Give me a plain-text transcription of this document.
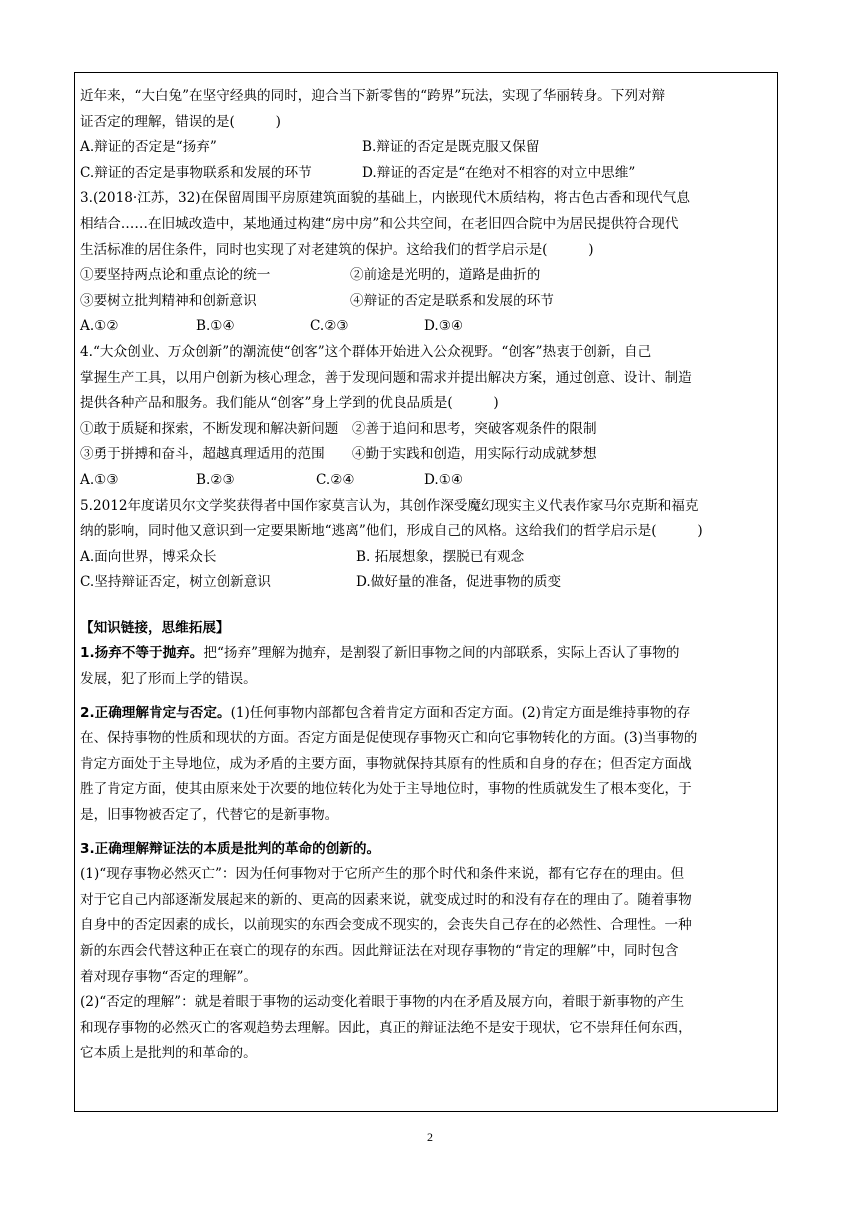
近年来，“大白兔”在坚守经典的同时，迎合当下新零售的“跨界”玩法，实现了华丽转身。下列对辩
证否定的理解，错误的是(　　　)
A.辩证的否定是“扬弃”	B.辩证的否定是既克服又保留
C.辩证的否定是事物联系和发展的环节	D.辩证的否定是“在绝对不相容的对立中思维”
3.(2018·江苏，32)在保留周围平房原建筑面貌的基础上，内嵌现代木质结构，将古色古香和现代气息
相结合……在旧城改造中，某地通过构建“房中房”和公共空间，在老旧四合院中为居民提供符合现代
生活标准的居住条件，同时也实现了对老建筑的保护。这给我们的哲学启示是(　　　)
①要坚持两点论和重点论的统一	②前途是光明的，道路是曲折的
③要树立批判精神和创新意识	④辩证的否定是联系和发展的环节
A.①②	B.①④	C.②③	D.③④
4.“大众创业、万众创新”的潮流使“创客”这个群体开始进入公众视野。“创客”热衷于创新，自己
掌握生产工具，以用户创新为核心理念，善于发现问题和需求并提出解决方案，通过创意、设计、制造
提供各种产品和服务。我们能从“创客”身上学到的优良品质是(　　　)
①敢于质疑和探索，不断发现和解决新问题　②善于追问和思考，突破客观条件的限制
③勇于拼搏和奋斗，超越真理适用的范围　　④勤于实践和创造，用实际行动成就梦想
A.①③	B.②③	C.②④	D.①④
5.2012年度诺贝尔文学奖获得者中国作家莫言认为，其创作深受魔幻现实主义代表作家马尔克斯和福克
纳的影响，同时他又意识到一定要果断地“逃离”他们，形成自己的风格。这给我们的哲学启示是(　　　)
A.面向世界，博采众长	B. 拓展想象，摆脱已有观念
C.坚持辩证否定，树立创新意识	D.做好量的准备，促进事物的质变
【知识链接，思维拓展】
1.扬弃不等于抛弃。把“扬弃”理解为抛弃，是割裂了新旧事物之间的内部联系，实际上否认了事物的
发展，犯了形而上学的错误。
2.正确理解肯定与否定。(1)任何事物内部都包含着肯定方面和否定方面。(2)肯定方面是维持事物的存
在、保持事物的性质和现状的方面。否定方面是促使现存事物灭亡和向它事物转化的方面。(3)当事物的
肯定方面处于主导地位，成为矛盾的主要方面，事物就保持其原有的性质和自身的存在；但否定方面战
胜了肯定方面，使其由原来处于次要的地位转化为处于主导地位时，事物的性质就发生了根本变化，于
是，旧事物被否定了，代替它的是新事物。
3.正确理解辩证法的本质是批判的革命的创新的。
(1)“现存事物必然灭亡”：因为任何事物对于它所产生的那个时代和条件来说，都有它存在的理由。但
对于它自己内部逐渐发展起来的新的、更高的因素来说，就变成过时的和没有存在的理由了。随着事物
自身中的否定因素的成长，以前现实的东西会变成不现实的，会丧失自己存在的必然性、合理性。一种
新的东西会代替这种正在衰亡的现存的东西。因此辩证法在对现存事物的“肯定的理解”中，同时包含
着对现存事物“否定的理解”。
(2)“否定的理解”：就是着眼于事物的运动变化着眼于事物的内在矛盾及展方向，着眼于新事物的产生
和现存事物的必然灭亡的客观趋势去理解。因此，真正的辩证法绝不是安于现状，它不崇拜任何东西，
它本质上是批判的和革命的。
2
